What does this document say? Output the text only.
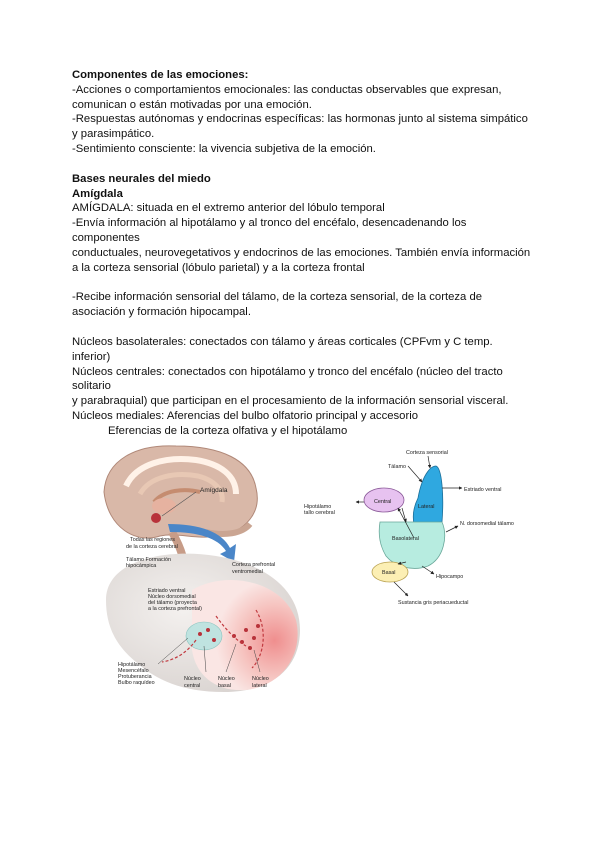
Componentes de las emociones:

-Acciones o comportamientos emocionales: las conductas observables que expresan,

comunican o están motivadas por una emoción.

-Respuestas autónomas y endocrinas específicas: las hormonas junto al sistema simpático

y parasimpático.

-Sentimiento consciente: la vivencia subjetiva de la emoción.

Bases neurales del miedo

Amígdala

AMÍGDALA: situada en el extremo anterior del lóbulo temporal

-Envía información al hipotálamo y al tronco del encéfalo, desencadenando los

componentes

conductuales, neurovegetativos y endocrinos de las emociones. También envía información

a la corteza sensorial (lóbulo parietal) y a la corteza frontal

-Recibe información sensorial del tálamo, de la corteza sensorial, de la corteza de

asociación y formación hipocampal.

Núcleos basolaterales: conectados con tálamo y áreas corticales (CPFvm y C temp.

inferior)

Núcleos centrales: conectados con hipotálamo y tronco del encéfalo (núcleo del tracto

solitario

y parabraquial) que participan en el procesamiento de la información sensorial visceral.

Núcleos mediales: Aferencias del bulbo olfatorio principal y accesorio

Eferencias de la corteza olfativa y el hipotálamo

Amígdala
Todas las regiones
de la corteza cerebral
Tálamo Formación
hipocámpica	Corteza prefrontal
ventromedial
Estriado ventral
Núcleo dorsomedial
del tálamo (proyecta
a la corteza prefrontal)
Hipotálamo
Mesencéfalo
Protuberancia
Bulbo raquídeo
Núcleo
central
Núcleo
basal
Núcleo
lateral
Corteza sensorial
Tálamo
Estriado ventral
Hipotálamo
tallo cerebral
Central
Lateral
N. dorsomedial tálamo
Basolateral
Hipocampo
Basal
Sustancia gris periacueductal
